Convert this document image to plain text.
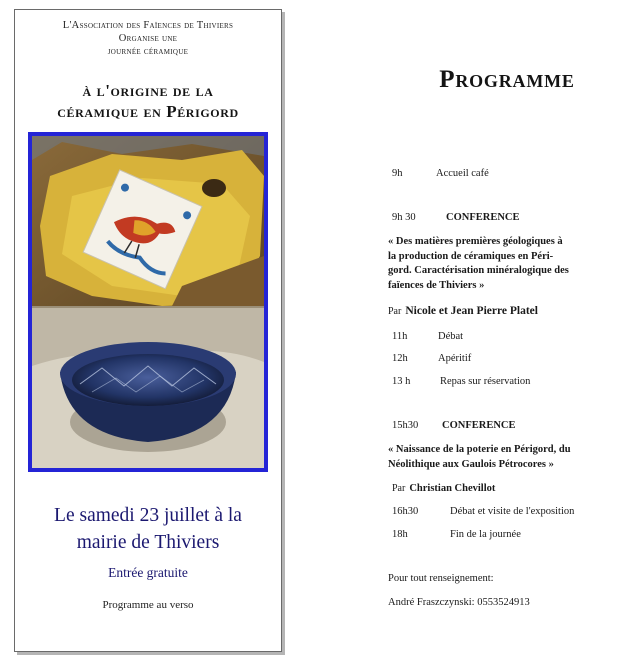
L'Association des Faïences de Thiviers
Organise une
journée céramique
à l'origine de la
céramique en Périgord
Le samedi 23 juillet à la
mairie de Thiviers
Entrée gratuite
Programme au verso
Programme
9h	Accueil café
9h 30	CONFERENCE
« Des matières premières géologiques à
la production de céramiques en Péri-
gord. Caractérisation minéralogique des
faïences de Thiviers »
Par Nicole et Jean Pierre Platel
11h	Débat
12h	Apéritif
13 h	Repas sur réservation
15h30 CONFERENCE
« Naissance de la poterie en Périgord, du
Néolithique aux Gaulois Pétrocores »
Par Christian Chevillot
16h30	Débat et visite de l'exposition
18h	Fin de la journée
Pour tout renseignement:
André Fraszczynski: 0553524913
